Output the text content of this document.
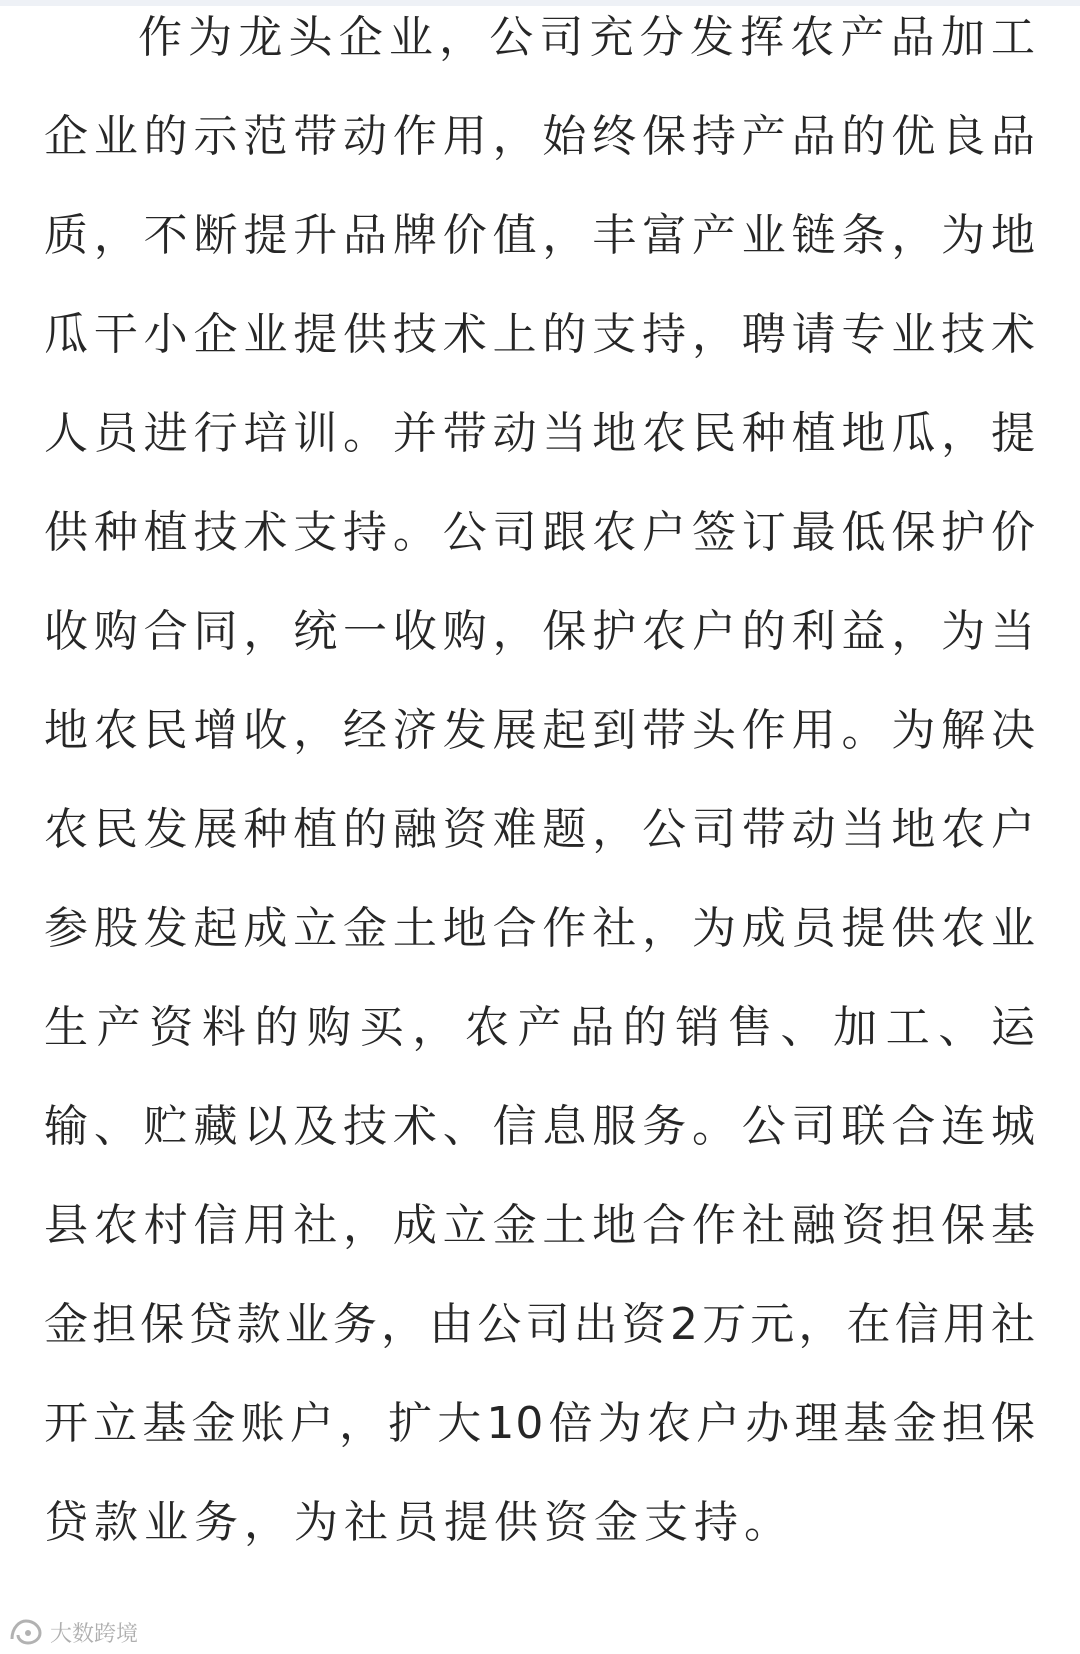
作为龙头企业，公司充分发挥农产品加工
企业的示范带动作用，始终保持产品的优良品
质，不断提升品牌价值，丰富产业链条，为地
瓜干小企业提供技术上的支持，聘请专业技术
人员进行培训。并带动当地农民种植地瓜，提
供种植技术支持。公司跟农户签订最低保护价
收购合同，统一收购，保护农户的利益，为当
地农民增收，经济发展起到带头作用。为解决
农民发展种植的融资难题，公司带动当地农户
参股发起成立金土地合作社，为成员提供农业
生产资料的购买，农产品的销售、加工、运
输、贮藏以及技术、信息服务。公司联合连城
县农村信用社，成立金土地合作社融资担保基
金担保贷款业务，由公司出资2万元，在信用社
开立基金账户，扩大10倍为农户办理基金担保
贷款业务，为社员提供资金支持。
大数跨境
